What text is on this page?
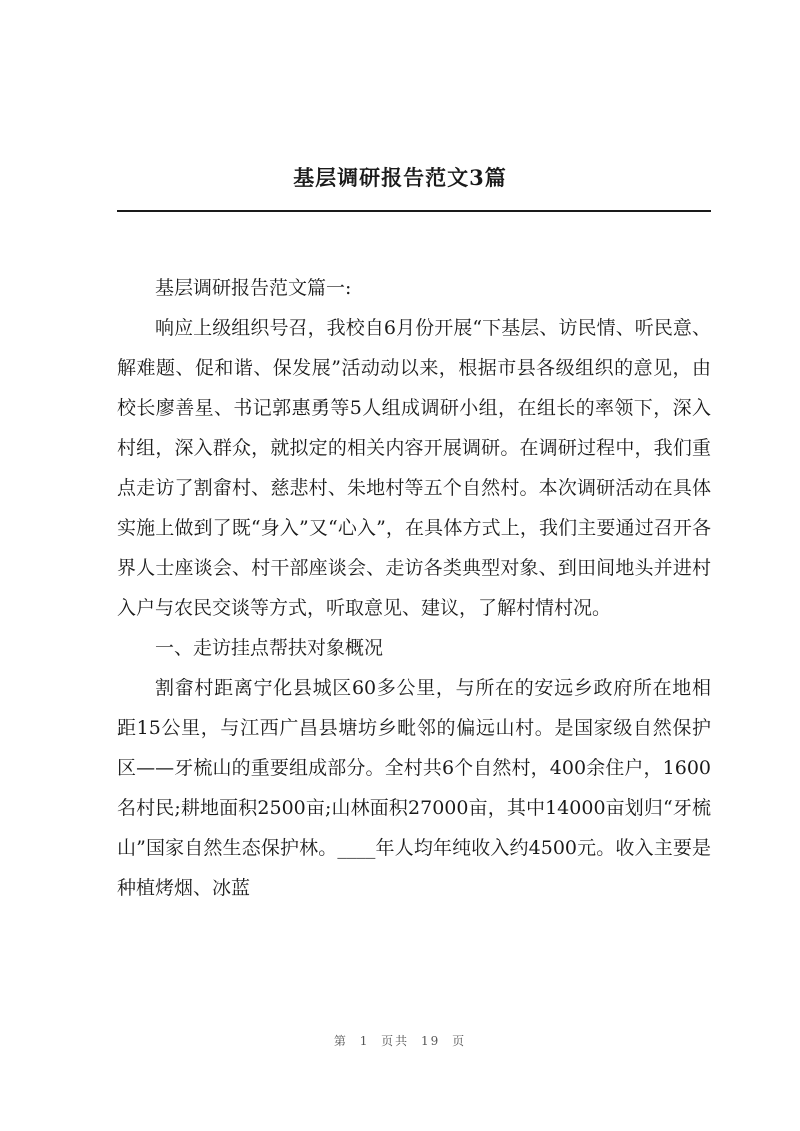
基层调研报告范文3篇

基层调研报告范文篇一:

响应上级组织号召，我校自6月份开展“下基层、访民情、听民意、解难题、促和谐、保发展”活动动以来，根据市县各级组织的意见，由校长廖善星、书记郭惠勇等5人组成调研小组，在组长的率领下，深入村组，深入群众，就拟定的相关内容开展调研。在调研过程中，我们重点走访了割畲村、慈悲村、朱地村等五个自然村。本次调研活动在具体实施上做到了既“身入”又“心入”，在具体方式上，我们主要通过召开各界人士座谈会、村干部座谈会、走访各类典型对象、到田间地头并进村入户与农民交谈等方式，听取意见、建议，了解村情村况。

一、走访挂点帮扶对象概况

割畲村距离宁化县城区60多公里，与所在的安远乡政府所在地相距15公里，与江西广昌县塘坊乡毗邻的偏远山村。是国家级自然保护区——牙梳山的重要组成部分。全村共6个自然村，400余住户，1600名村民;耕地面积2500亩;山林面积27000亩，其中14000亩划归“牙梳山”国家自然生态保护林。____年人均年纯收入约4500元。收入主要是种植烤烟、冰蓝

第 1 页共 19 页
